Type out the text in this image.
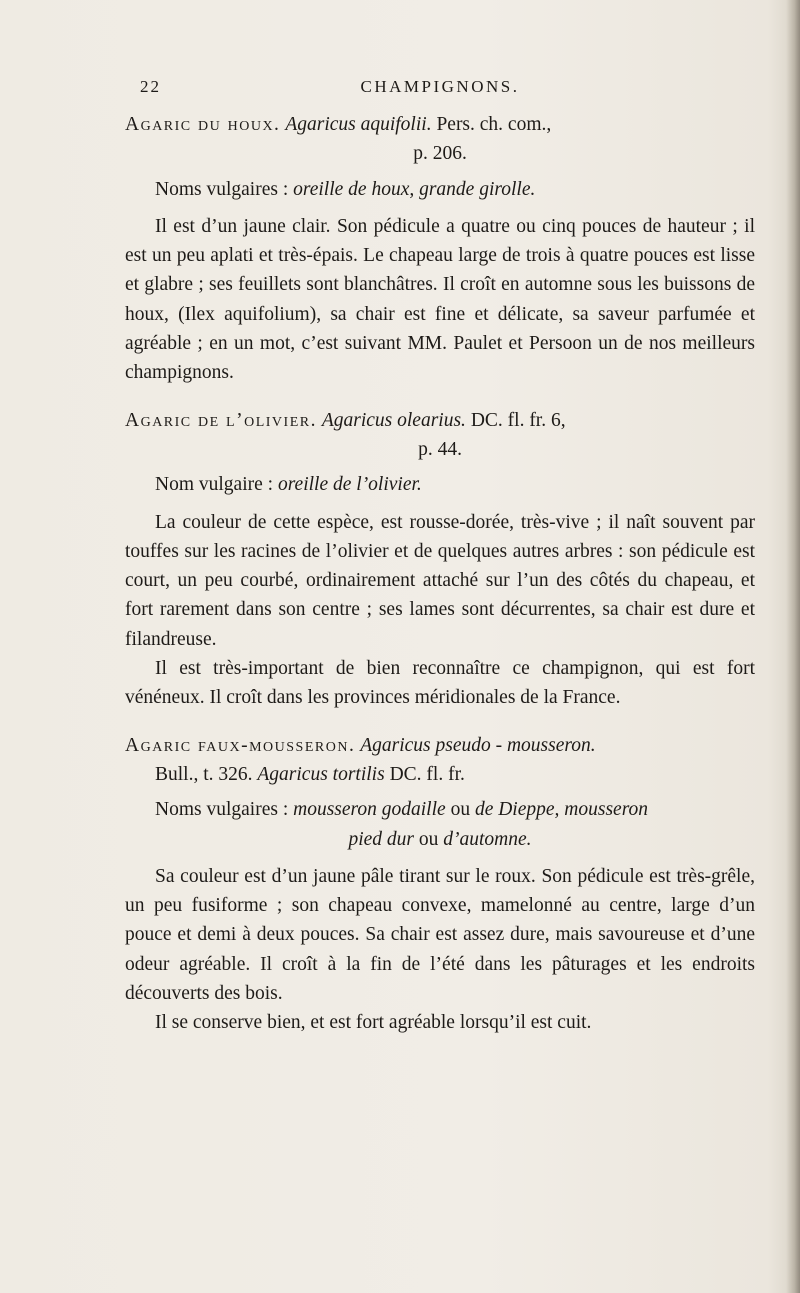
22	CHAMPIGNONS.
Agaric du houx. Agaricus aquifolii. Pers. ch. com.,
p. 206.
Noms vulgaires : oreille de houx, grande girolle.

Il est d’un jaune clair. Son pédicule a quatre ou cinq pouces de hauteur ; il est un peu aplati et très-épais. Le chapeau large de trois à quatre pouces est lisse et glabre ; ses feuillets sont blanchâtres. Il croît en automne sous les buissons de houx, (Ilex aquifolium), sa chair est fine et délicate, sa saveur parfumée et agréable ; en un mot, c’est suivant MM. Paulet et Persoon un de nos meilleurs champignons.

Agaric de l’olivier. Agaricus olearius. DC. fl. fr. 6,
p. 44.
Nom vulgaire : oreille de l’olivier.

La couleur de cette espèce, est rousse-dorée, très-vive ; il naît souvent par touffes sur les racines de l’olivier et de quelques autres arbres : son pédicule est court, un peu courbé, ordinairement attaché sur l’un des côtés du chapeau, et fort rarement dans son centre ; ses lames sont décurrentes, sa chair est dure et filandreuse.

Il est très-important de bien reconnaître ce champignon, qui est fort vénéneux. Il croît dans les provinces méridionales de la France.

Agaric faux-mousseron. Agaricus pseudo - mousseron.
Bull., t. 326. Agaricus tortilis DC. fl. fr.
Noms vulgaires : mousseron godaille ou de Dieppe, mousseron
pied dur ou d’automne.

Sa couleur est d’un jaune pâle tirant sur le roux. Son pédicule est très-grêle, un peu fusiforme ; son chapeau convexe, mamelonné au centre, large d’un pouce et demi à deux pouces. Sa chair est assez dure, mais savoureuse et d’une odeur agréable. Il croît à la fin de l’été dans les pâturages et les endroits découverts des bois.

Il se conserve bien, et est fort agréable lorsqu’il est cuit.
